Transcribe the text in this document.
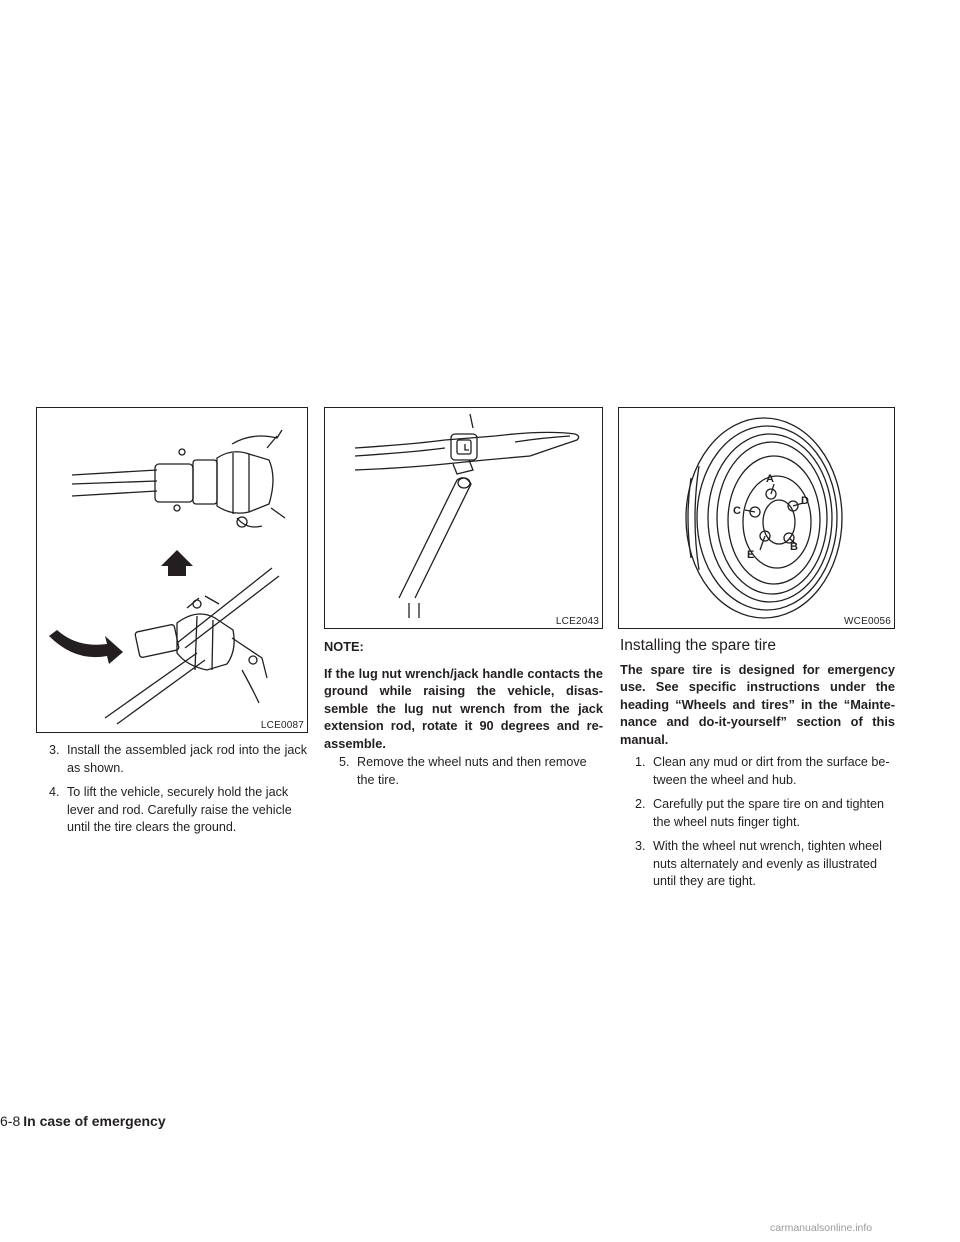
LCE0087
LCE2043
A
D
C
B
E
WCE0056
3. Install the assembled jack rod into the jack as shown.
4. To lift the vehicle, securely hold the jack lever and rod. Carefully raise the vehicle until the tire clears the ground.
NOTE:
If the lug nut wrench/jack handle contacts the ground while raising the vehicle, disas-semble the lug nut wrench from the jack extension rod, rotate it 90 degrees and re-assemble.
5. Remove the wheel nuts and then remove the tire.
Installing the spare tire
The spare tire is designed for emergency use. See specific instructions under the heading “Wheels and tires” in the “Mainte-nance and do-it-yourself” section of this manual.
1. Clean any mud or dirt from the surface be-tween the wheel and hub.
2. Carefully put the spare tire on and tighten the wheel nuts finger tight.
3. With the wheel nut wrench, tighten wheel nuts alternately and evenly as illustrated until they are tight.
6-8 In case of emergency
carmanualsonline.info
